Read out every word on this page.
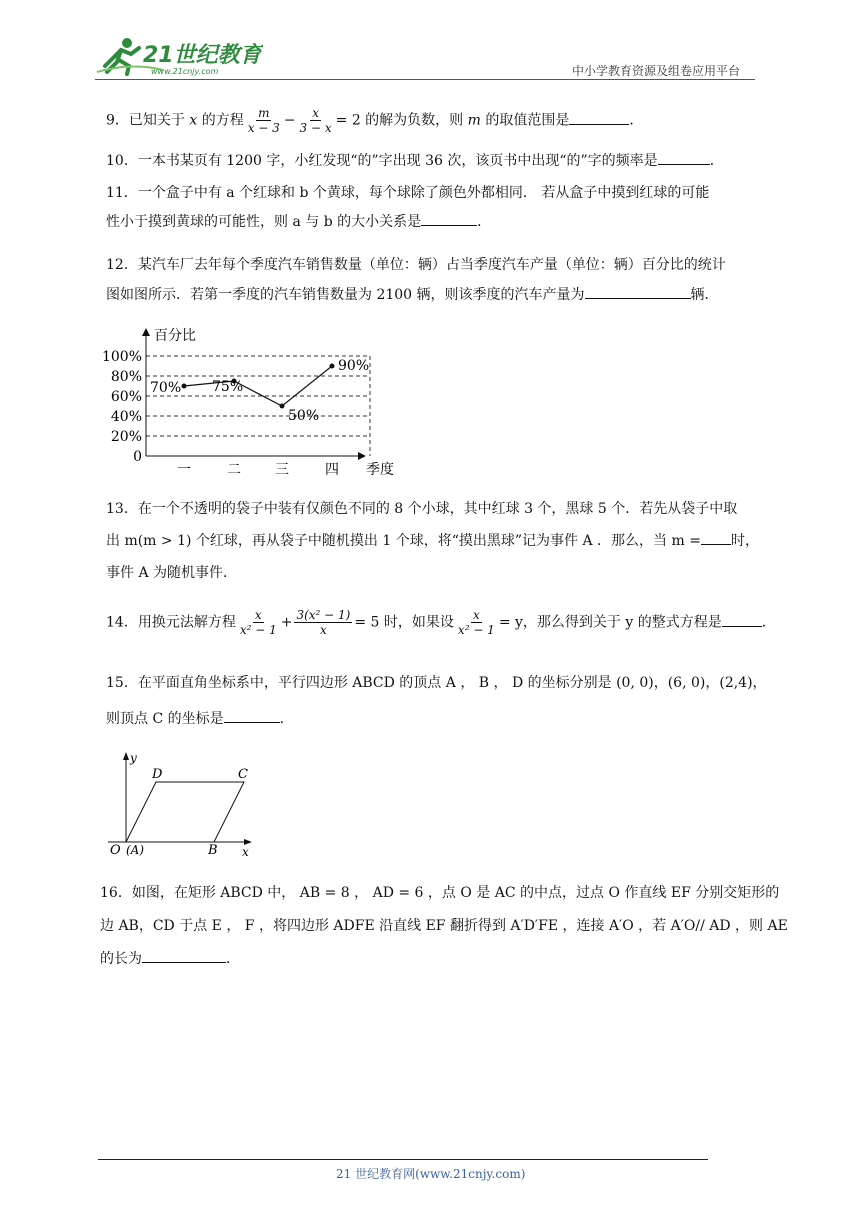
21世纪教育
www.21cnjy.com	中小学教育资源及组卷应用平台
9．已知关于 x 的方程 $\frac{m}{x - 3} - \frac{x}{3 - x} = 2$ 的解为负数，则 m 的取值范围是	．
10．一本书某页有 1200 字，小红发现“的”字出现 36 次，该页书中出现“的”字的频率是	．
11．一个盒子中有 a 个红球和 b 个黄球，每个球除了颜色外都相同． 若从盒子中摸到红球的可能
性小于摸到黄球的可能性，则 a 与 b 的大小关系是	．
12．某汽车厂去年每个季度汽车销售数量（单位：辆）占当季度汽车产量（单位：辆）百分比的统计
图如图所示．若第一季度的汽车销售数量为 2100 辆，则该季度的汽车产量为	辆．
百分比
季度
0
20%
40%
60%
80%
100%
一	二 三	四
70% 75%
50%
90%
13．在一个不透明的袋子中装有仅颜色不同的 8 个小球，其中红球 3 个，黑球 5 个．若先从袋子中取
出 m(m > 1) 个红球，再从袋子中随机摸出 1 个球，将“摸出黑球”记为事件 A ．那么，当 m = 时，
事件 A 为随机事件．
14．用换元法解方程 $\frac{x}{\text{x² − 1}} + \frac{\text{3(x² − 1)}}{x} = 5$ 时，如果设 $\frac{x}{\text{x² − 1}} = y$，那么得到关于 y 的整式方程是	．
15．在平面直角坐标系中，平行四边形 ABCD 的顶点 A ， B ， D 的坐标分别是 (0, 0)，(6, 0)，(2,4)，
则顶点 C 的坐标是	．
y
x
O (A)	B
C
D
16．如图，在矩形 ABCD 中， AB = 8 ， AD = 6 ，点 O 是 AC 的中点，过点 O 作直线 EF 分别交矩形的
边 AB，CD 于点 E ， F ，将四边形 ADFE 沿直线 EF 翻折得到 A′D′FE ，连接 A′O ，若 A′O// AD ，则 AE
的长为	．
21 世纪教育网(www.21cnjy.com)
